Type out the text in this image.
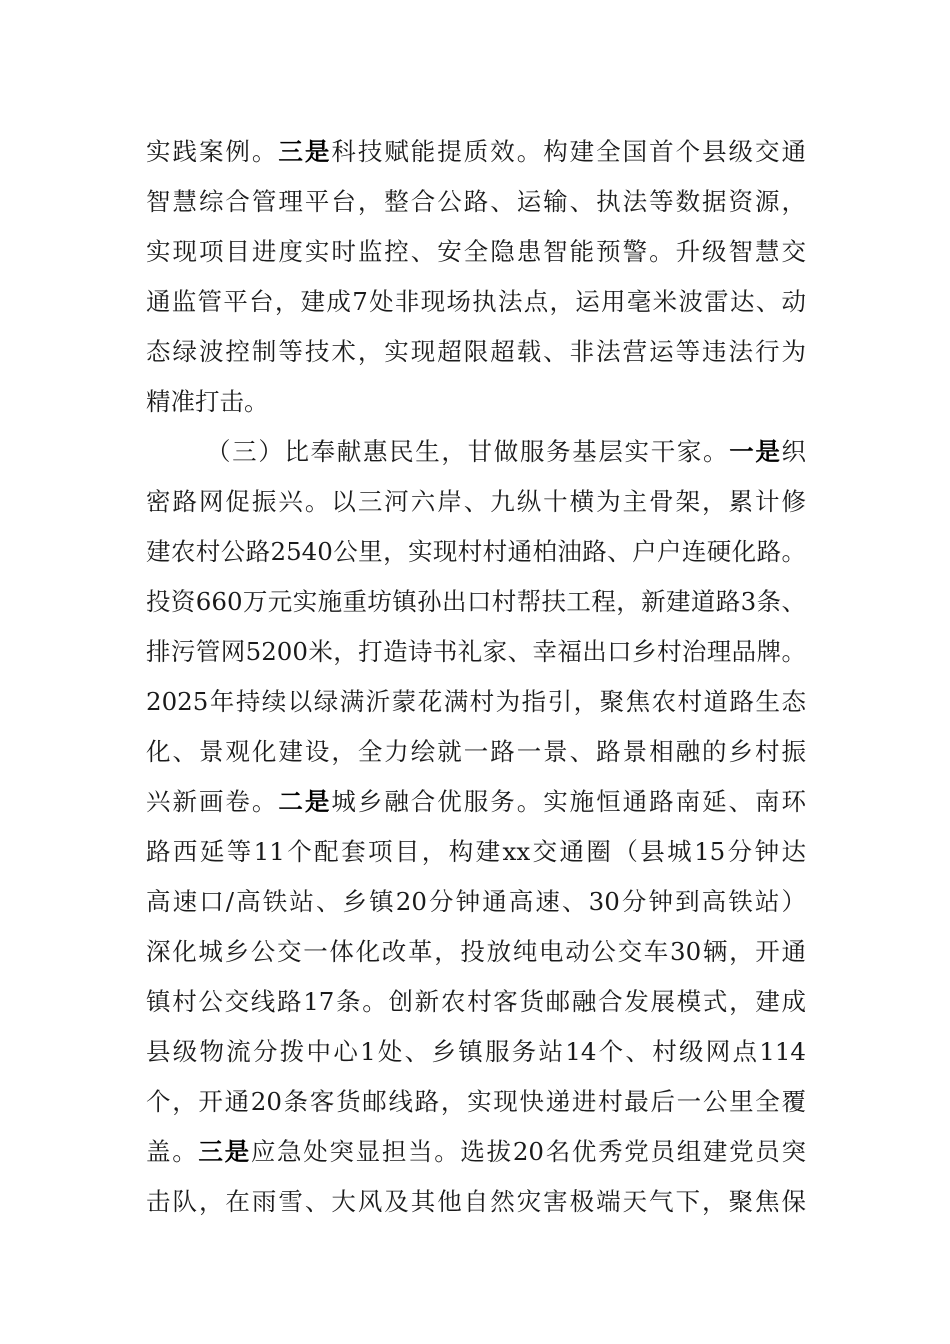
实践案例。三是科技赋能提质效。构建全国首个县级交通
智慧综合管理平台，整合公路、运输、执法等数据资源，
实现项目进度实时监控、安全隐患智能预警。升级智慧交
通监管平台，建成7处非现场执法点，运用毫米波雷达、动
态绿波控制等技术，实现超限超载、非法营运等违法行为
精准打击。
（三）比奉献惠民生，甘做服务基层实干家。一是织
密路网促振兴。以三河六岸、九纵十横为主骨架，累计修
建农村公路2540公里，实现村村通柏油路、户户连硬化路。
投资660万元实施重坊镇孙出口村帮扶工程，新建道路3条、
排污管网5200米，打造诗书礼家、幸福出口乡村治理品牌。
2025年持续以绿满沂蒙花满村为指引，聚焦农村道路生态
化、景观化建设，全力绘就一路一景、路景相融的乡村振
兴新画卷。二是城乡融合优服务。实施恒通路南延、南环
路西延等11个配套项目，构建xx交通圈（县城15分钟达
高速口/高铁站、乡镇20分钟通高速、30分钟到高铁站）
深化城乡公交一体化改革，投放纯电动公交车30辆，开通
镇村公交线路17条。创新农村客货邮融合发展模式，建成
县级物流分拨中心1处、乡镇服务站14个、村级网点114
个，开通20条客货邮线路，实现快递进村最后一公里全覆
盖。三是应急处突显担当。选拔20名优秀党员组建党员突
击队，在雨雪、大风及其他自然灾害极端天气下，聚焦保
